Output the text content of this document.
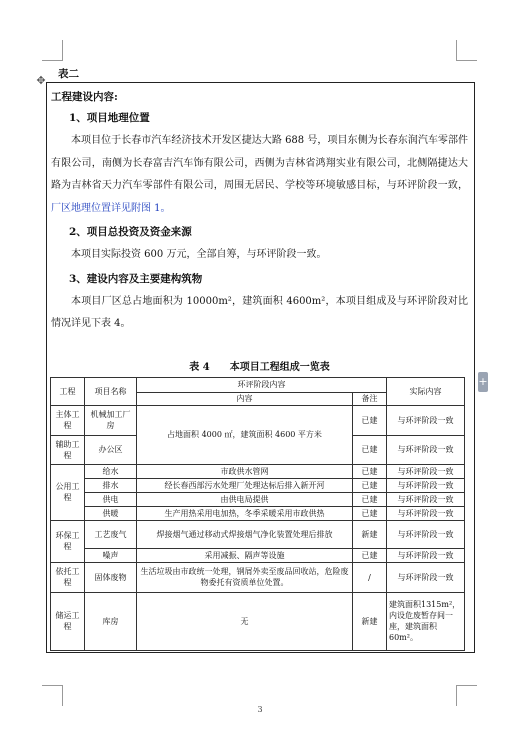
✥
+
表二
工程建设内容:
1、项目地理位置

本项目位于长春市汽车经济技术开发区捷达大路 688 号，项目东侧为长春东润汽车零部件有限公司，南侧为长春富吉汽车饰有限公司，西侧为吉林省鸿翔实业有限公司，北侧隔捷达大路为吉林省天力汽车零部件有限公司，周围无居民、学校等环境敏感目标，与环评阶段一致，厂区地理位置详见附图 1。

2、项目总投资及资金来源

本项目实际投资 600 万元，全部自筹，与环评阶段一致。

3、建设内容及主要建构筑物

本项目厂区总占地面积为 10000m²，建筑面积 4600m²，本项目组成及与环评阶段对比情况详见下表 4。

表 4 本项目工程组成一览表
工程	项目名称	环评阶段内容		实际内容
		内容	备注	
主体工程	机械加工厂房	占地面积 4000 ㎡，建筑面积 4600 平方米	已建	与环评阶段一致
辅助工程	办公区		已建	与环评阶段一致
公用工程	给水	市政供水管网	已建	与环评阶段一致
	排水	经长春西部污水处理厂处理达标后排入新开河	已建	与环评阶段一致
	供电	由供电局提供	已建	与环评阶段一致
	供暖	生产用热采用电加热，冬季采暖采用市政供热	已建	与环评阶段一致
环保工程	工艺废气	焊接烟气通过移动式焊接烟气净化装置处理后排放	新建	与环评阶段一致
	噪声	采用减振、隔声等设施	已建	与环评阶段一致
依托工程	固体废物	生活垃圾由市政统一处理，钢屑外卖至废品回收站，危险废物委托有资质单位处置。	/	与环评阶段一致
储运工程	库房	无	新建	建筑面积1315m²，内设危废暂存间一座，建筑面积 60m²。
3
